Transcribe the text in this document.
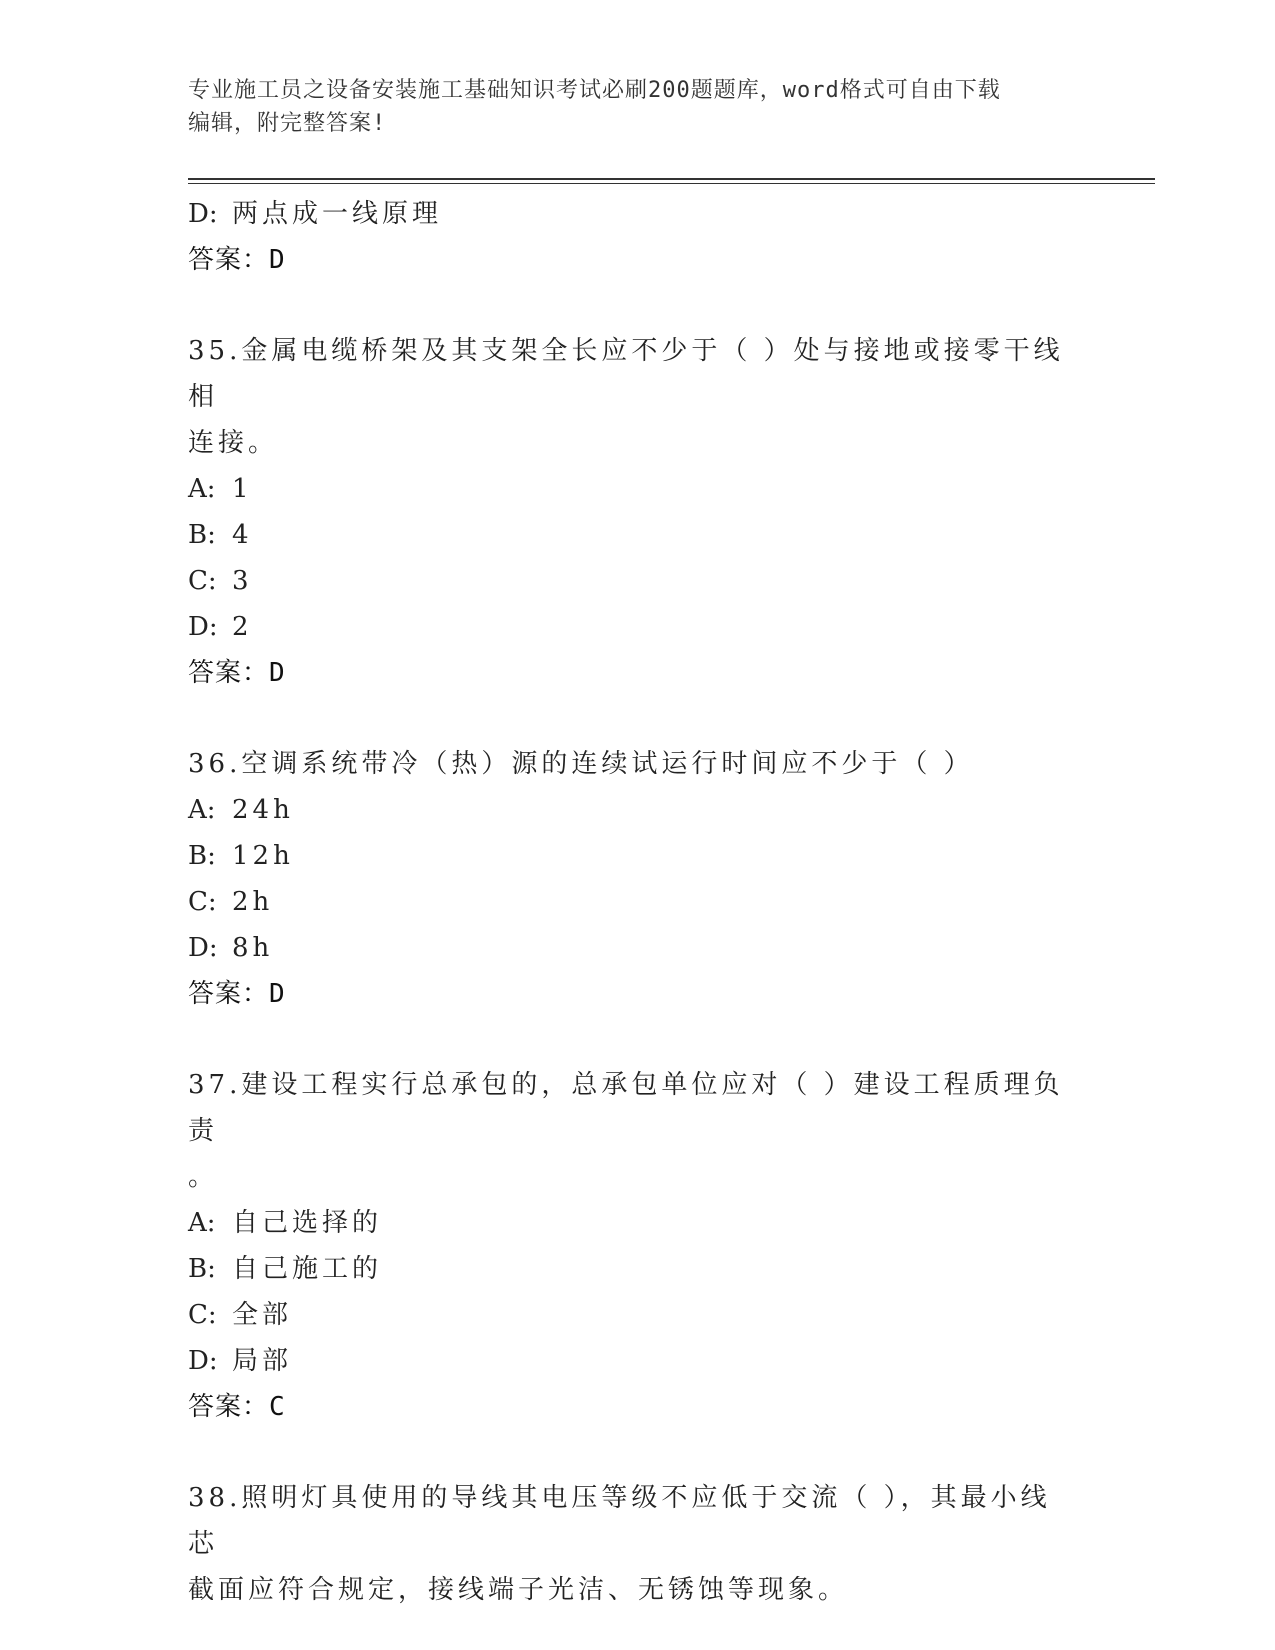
专业施工员之设备安装施工基础知识考试必刷200题题库，word格式可自由下载
编辑，附完整答案!
D: 两点成一线原理
答案：D
35.金属电缆桥架及其支架全长应不少于（ ）处与接地或接零干线相
连接。
A: 1
B: 4
C: 3
D: 2
答案：D
36.空调系统带冷（热）源的连续试运行时间应不少于（ ）
A: 24h
B: 12h
C: 2h
D: 8h
答案：D
37.建设工程实行总承包的，总承包单位应对（ ）建设工程质理负责
。
A: 自己选择的
B: 自己施工的
C: 全部
D: 局部
答案：C
38.照明灯具使用的导线其电压等级不应低于交流（ ），其最小线芯
截面应符合规定，接线端子光洁、无锈蚀等现象。
